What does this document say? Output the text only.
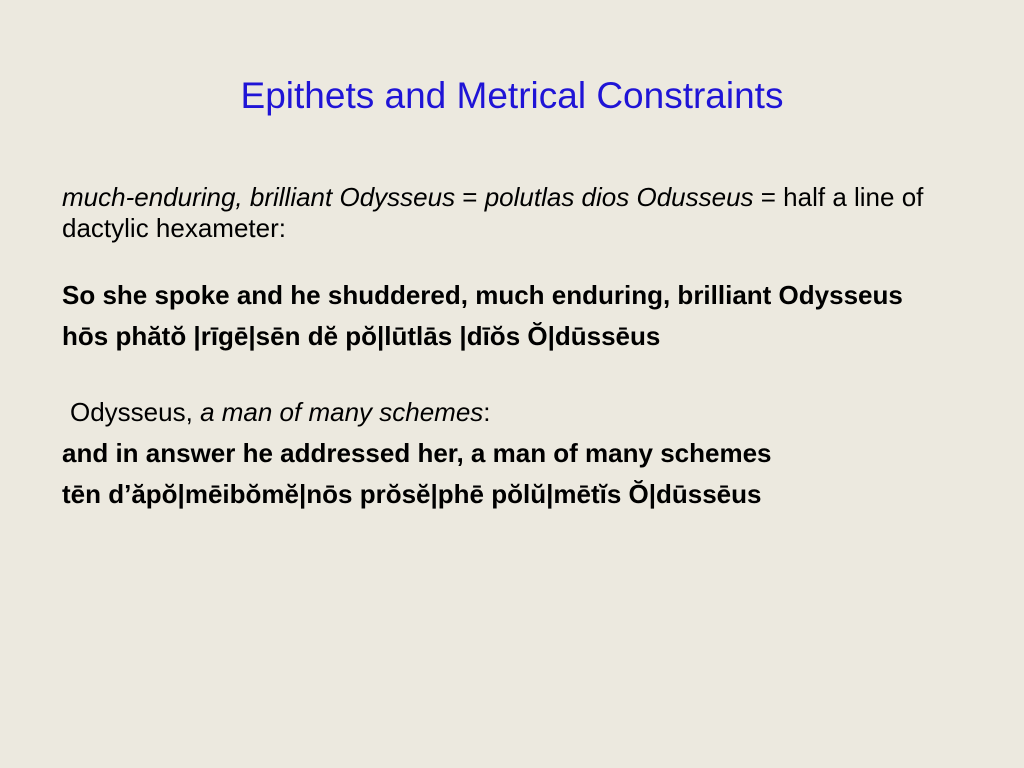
Epithets and Metrical Constraints

much-enduring, brilliant Odysseus = polutlas dios Odusseus = half a line of dactylic hexameter:

So she spoke and he shuddered, much enduring, brilliant Odysseus

hōs phătŏ |rīgē|sēn dĕ pŏ|lūtlās |dīŏs Ŏ|dūssēus

Odysseus, a man of many schemes:

and in answer he addressed her, a man of many schemes

tēn d’ăpŏ|mēibŏmĕ|nōs prŏsĕ|phē pŏlŭ|mētĭs Ŏ|dūssēus
